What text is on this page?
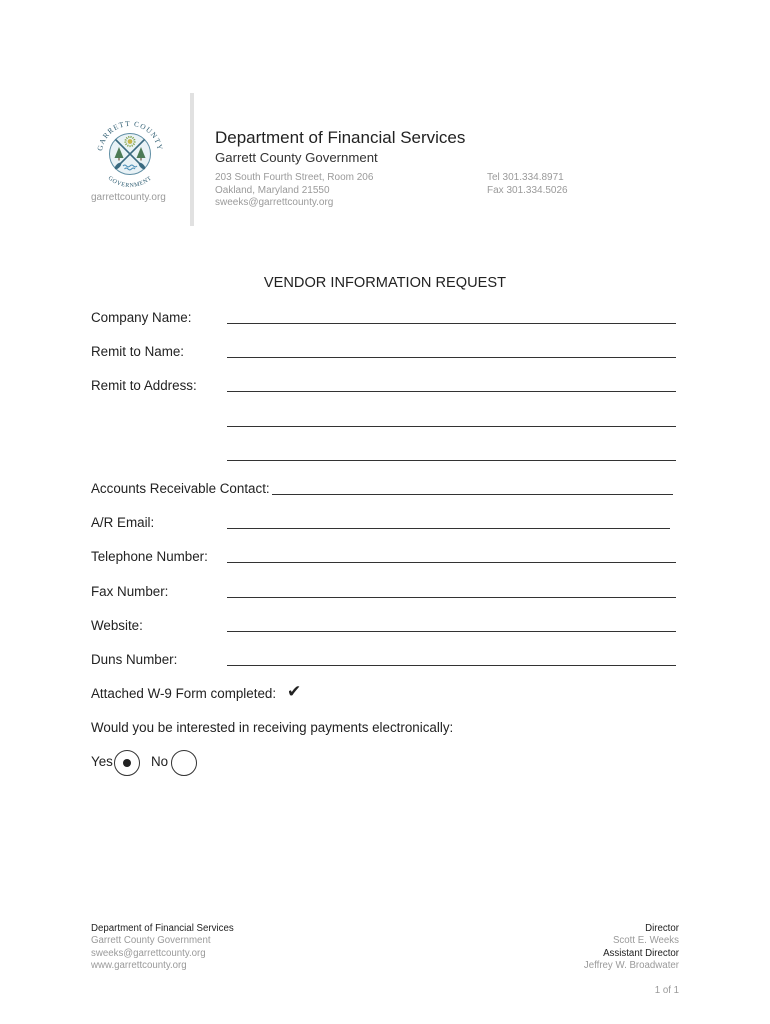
GARRETT COUNTY
GOVERNMENT
garrettcounty.org
Department of Financial Services
Garrett County Government
203 South Fourth Street, Room 206
Oakland, Maryland 21550
sweeks@garrettcounty.org
Tel 301.334.8971
Fax 301.334.5026
VENDOR INFORMATION REQUEST
Company Name:
Remit to Name:
Remit to Address:
Accounts Receivable Contact:
A/R Email:
Telephone Number:
Fax Number:
Website:
Duns Number:
Attached W-9 Form completed: ✔
Would you be interested in receiving payments electronically:
Yes	No
Department of Financial Services
Garrett County Government
sweeks@garrettcounty.org
www.garrettcounty.org
Director
Scott E. Weeks
Assistant Director
Jeffrey W. Broadwater
1 of 1
